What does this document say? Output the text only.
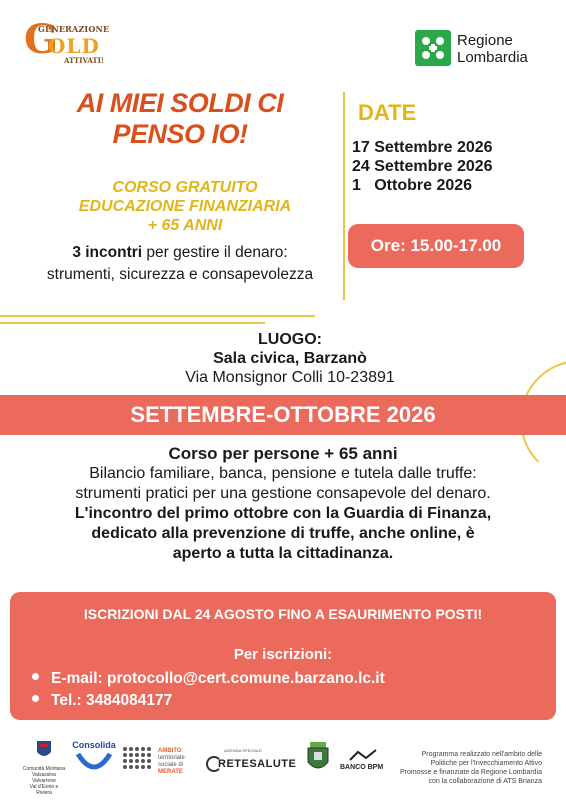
G
GENERAZIONE
OLD
ATTIVATI!
Regione
Lombardia
AI MIEI SOLDI CI
PENSO IO!
CORSO GRATUITO
EDUCAZIONE FINANZIARIA
+ 65 ANNI
3 incontri per gestire il denaro:
strumenti, sicurezza e consapevolezza
DATE
17 Settembre 2026
24 Settembre 2026
1   Ottobre 2026
Ore: 15.00-17.00
LUOGO:
Sala civica, Barzanò
Via Monsignor Colli 10-23891
SETTEMBRE-OTTOBRE 2026
Corso per persone + 65 anni
Bilancio familiare, banca, pensione e tutela dalle truffe:
strumenti pratici per una gestione consapevole del denaro.
L'incontro del primo ottobre con la Guardia di Finanza,
dedicato alla prevenzione di truffe, anche online, è
aperto a tutta la cittadinanza.
ISCRIZIONI DAL 24 AGOSTO FINO A ESAURIMENTO POSTI!
Per iscrizioni:
E-mail: protocollo@cert.comune.barzano.lc.it
Tel.: 3484084177
Comunità Montana
Valsassina Valvarrone
Val d'Esino e Riviera
Consolida
AMBITO
territoriale
sociale di
MERATE
AZIENDA SPECIALE
RETESALUTE	BANCO BPM
Programma realizzato nell'ambito delle
Politiche per l'Invecchiamento Attivo
Promosse e finanziate da Regione Lombardia
con la collaborazione di ATS Brianza
